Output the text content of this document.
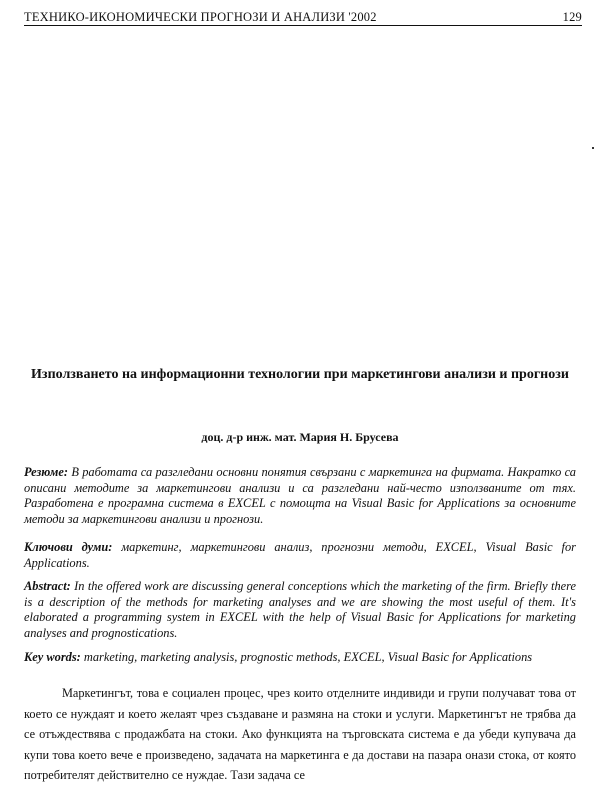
ТЕХНИКО-ИКОНОМИЧЕСКИ ПРОГНОЗИ И АНАЛИЗИ '2002	129
Използването на информационни технологии при маркетингови анализи и прогнози
доц. д-р инж. мат. Мария Н. Брусева
Резюме: В работата са разгледани основни понятия свързани с маркетинга на фирмата. Накратко са описани методите за маркетингови анализи и са разгледани най-често използваните от тях. Разработена е програмна система в EXCEL с помощта на Visual Basic for Applications за основните методи за маркетингови анализи и прогнози.
Ключови думи: маркетинг, маркетингови анализ, прогнозни методи, EXCEL, Visual Basic for Applications.
Abstract: In the offered work are discussing general conceptions which the marketing of the firm. Briefly there is a description of the methods for marketing analyses and we are showing the most useful of them. It's elaborated a programming system in EXCEL with the help of Visual Basic for Applications for marketing analyses and prognostications.
Key words: marketing, marketing analysis, prognostic methods, EXCEL, Visual Basic for Applications
Маркетингът, това е социален процес, чрез които отделните индивиди и групи получават това от което се нуждаят и което желаят чрез създаване и размяна на стоки и услуги. Маркетингът не трябва да се отъждествява с продажбата на стоки. Ако функцията на търговската система е да убеди купувача да купи това което вече е произведено, задачата на маркетинга е да достави на пазара онази стока, от която потребителят действително се нуждае. Тази задача се
